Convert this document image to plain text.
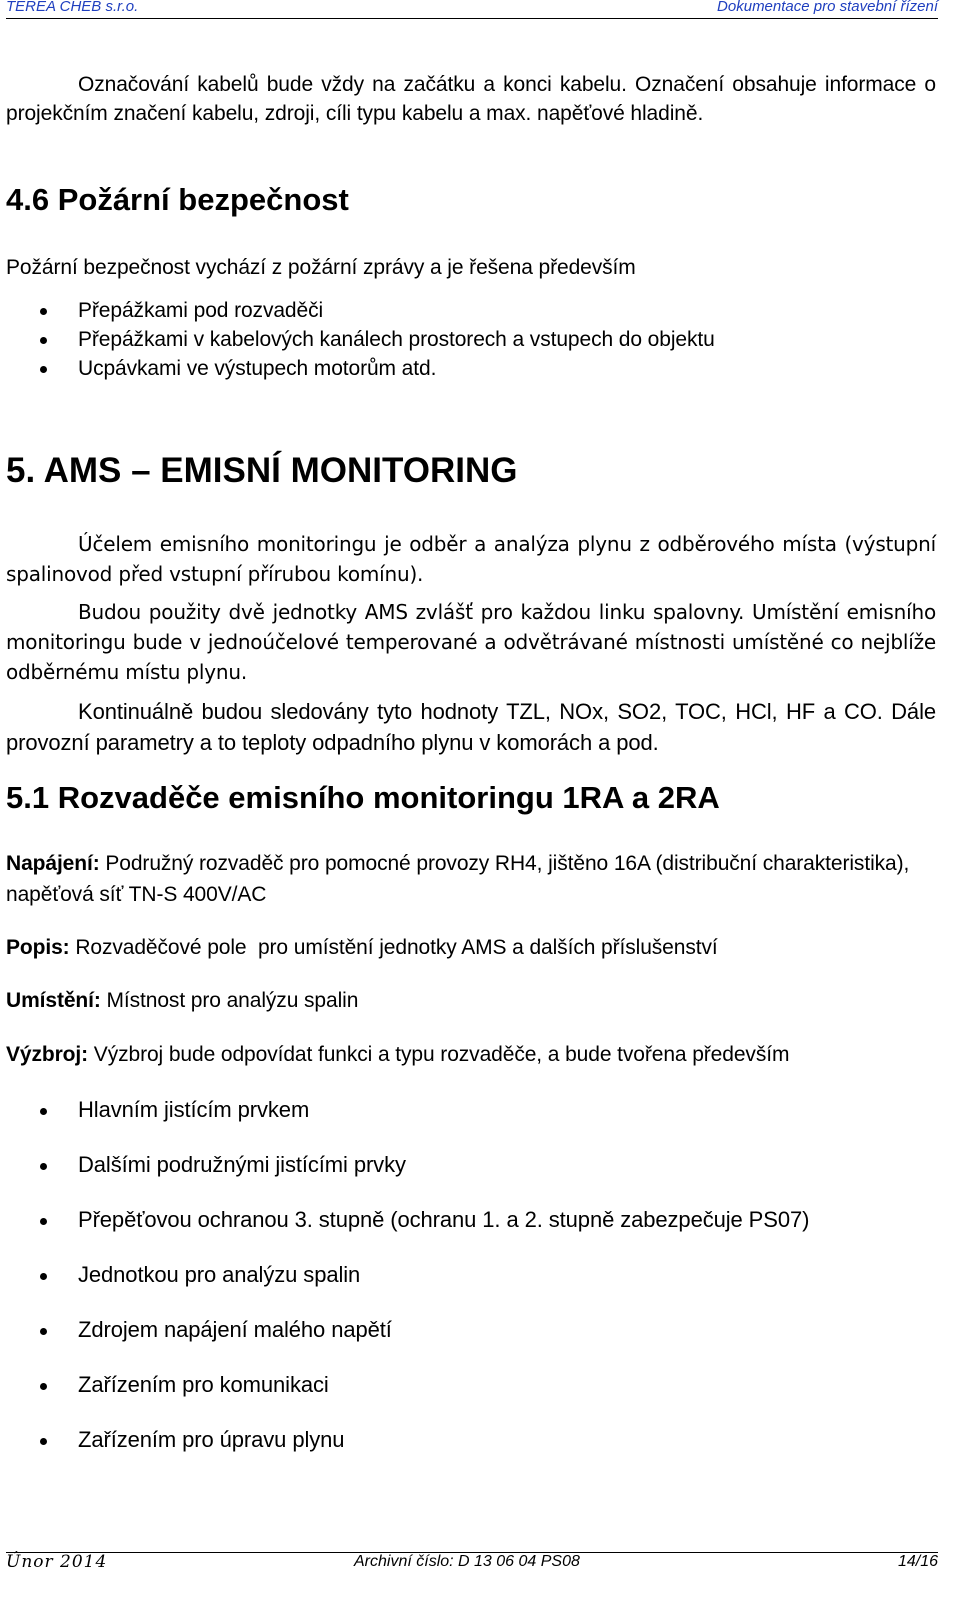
TEREA CHEB s.r.o.	Dokumentace pro stavební řízení
Označování kabelů bude vždy na začátku a konci kabelu. Označení obsahuje informace o projekčním značení kabelu, zdroji, cíli typu kabelu a max. napěťové hladině.
4.6 Požární bezpečnost
Požární bezpečnost vychází z požární zprávy a je řešena především
Přepážkami pod rozvaděči
Přepážkami v kabelových kanálech prostorech a vstupech do objektu
Ucpávkami ve výstupech motorům atd.
5. AMS – EMISNÍ MONITORING
Účelem emisního monitoringu je odběr a analýza plynu z odběrového místa (výstupní spalinovod před vstupní přírubou komínu).
Budou použity dvě jednotky AMS zvlášť pro každou linku spalovny. Umístění emisního monitoringu bude v jednoúčelové temperované a odvětrávané místnosti umístěné co nejblíže odběrnému místu plynu.
Kontinuálně budou sledovány tyto hodnoty TZL, NOx, SO2, TOC, HCl, HF a CO. Dále provozní parametry a to teploty odpadního plynu v komorách a pod.
5.1 Rozvaděče emisního monitoringu 1RA a 2RA
Napájení: Podružný rozvaděč pro pomocné provozy RH4, jištěno 16A (distribuční charakteristika), napěťová síť TN-S 400V/AC
Popis: Rozvaděčové pole  pro umístění jednotky AMS a dalších příslušenství
Umístění: Místnost pro analýzu spalin
Výzbroj: Výzbroj bude odpovídat funkci a typu rozvaděče, a bude tvořena především
Hlavním jistícím prvkem
Dalšími podružnými jistícími prvky
Přepěťovou ochranou 3. stupně (ochranu 1. a 2. stupně zabezpečuje PS07)
Jednotkou pro analýzu spalin
Zdrojem napájení malého napětí
Zařízením pro komunikaci
Zařízením pro úpravu plynu
Únor 2014	Archivní číslo: D 13 06 04 PS08	14/16
